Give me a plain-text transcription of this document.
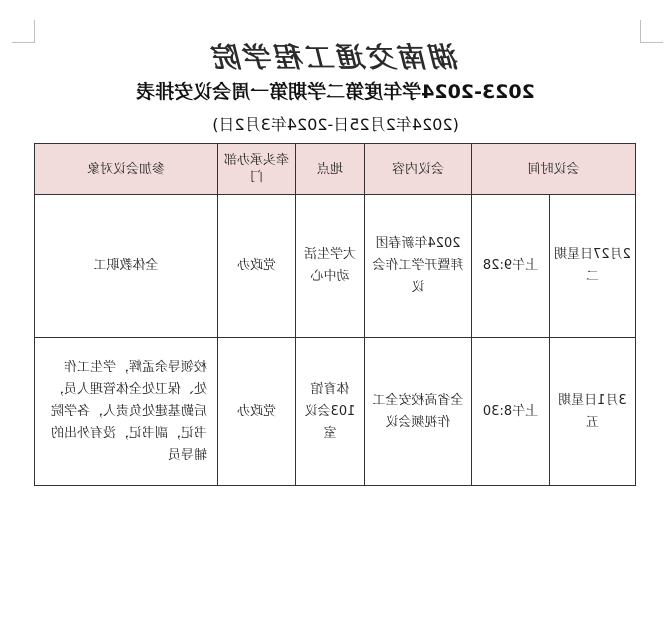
湖南交通工程学院
2023-2024学年度第二学期第一周会议安排表
(2024年2月25日-2024年3月2日)
会议时间		会议内容	地点	牵头承办部门	参加会议对象
2月27日星期二	上午9:28	2024年新春团拜暨开学工作会议	大学生活动中心	党政办	全体教职工
3月1日星期五	上午8:30	全省高校安全工作视频会议	体育馆103会议室	党政办	校领导余孟辉，学生工作处、保卫处全体管理人员，后勤基建处负责人，各学院书记，副书记，没有外出的辅导员
